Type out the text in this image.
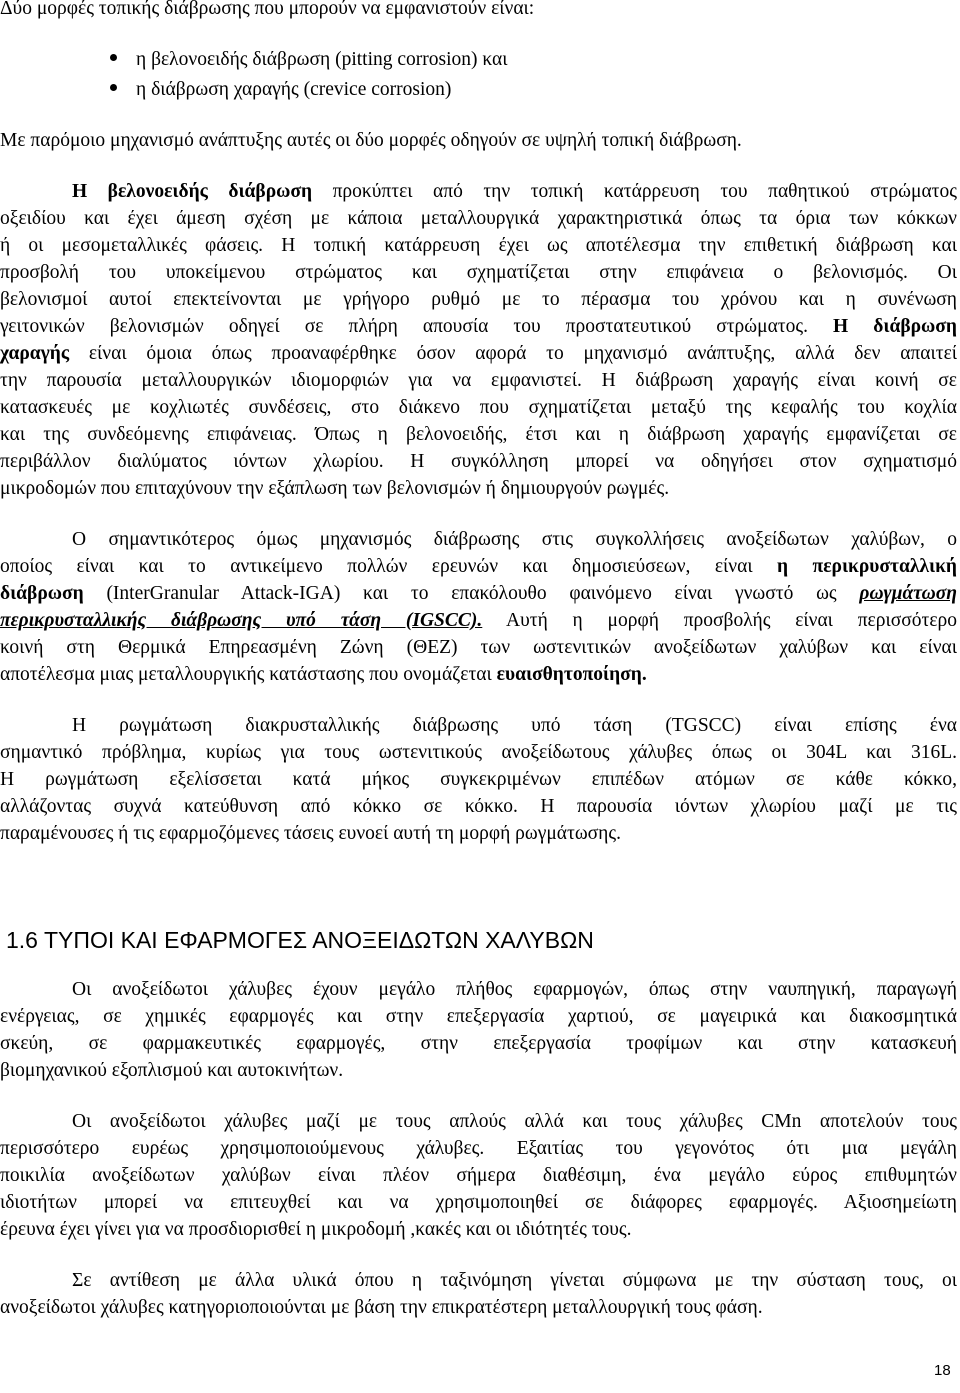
Δύο μορφές τοπικής διάβρωσης που μπορούν να εμφανιστούν είναι:
η βελονοειδής διάβρωση (pitting corrosion) και
η διάβρωση χαραγής (crevice corrosion)
Με παρόμοιο μηχανισμό ανάπτυξης αυτές οι δύο μορφές οδηγούν σε υψηλή τοπική διάβρωση.
Η βελονοειδής διάβρωση προκύπτει από την τοπική κατάρρευση του παθητικού στρώματος
οξειδίου και έχει άμεση σχέση με κάποια μεταλλουργικά χαρακτηριστικά όπως τα όρια των κόκκων
ή οι μεσομεταλλικές φάσεις. Η τοπική κατάρρευση έχει ως αποτέλεσμα την επιθετική διάβρωση και
προσβολή του υποκείμενου στρώματος και σχηματίζεται στην επιφάνεια ο βελονισμός. Οι
βελονισμοί αυτοί επεκτείνονται με γρήγορο ρυθμό με το πέρασμα του χρόνου και η συνένωση
γειτονικών βελονισμών οδηγεί σε πλήρη απουσία του προστατευτικού στρώματος. Η διάβρωση
χαραγής είναι όμοια όπως προαναφέρθηκε όσον αφορά το μηχανισμό ανάπτυξης, αλλά δεν απαιτεί
την παρουσία μεταλλουργικών ιδιομορφιών για να εμφανιστεί. Η διάβρωση χαραγής είναι κοινή σε
κατασκευές με κοχλιωτές συνδέσεις, στο διάκενο που σχηματίζεται μεταξύ της κεφαλής του κοχλία
και της συνδεόμενης επιφάνειας. Όπως η βελονοειδής, έτσι και η διάβρωση χαραγής εμφανίζεται σε
περιβάλλον διαλύματος ιόντων χλωρίου. Η συγκόλληση μπορεί να οδηγήσει στον σχηματισμό
μικροδομών που επιταχύνουν την εξάπλωση των βελονισμών ή δημιουργούν ρωγμές.
Ο σημαντικότερος όμως μηχανισμός διάβρωσης στις συγκολλήσεις ανοξείδωτων χαλύβων, ο
οποίος είναι και το αντικείμενο πολλών ερευνών και δημοσιεύσεων, είναι η περικρυσταλλική
διάβρωση (InterGranular Attack-IGA) και το επακόλουθο φαινόμενο είναι γνωστό ως ρωγμάτωση
περικρυσταλλικής διάβρωσης υπό τάση (IGSCC). Αυτή η μορφή προσβολής είναι περισσότερο
κοινή στη Θερμικά Επηρεασμένη Ζώνη (ΘΕΖ) των ωστενιτικών ανοξείδωτων χαλύβων και είναι
αποτέλεσμα μιας μεταλλουργικής κατάστασης που ονομάζεται ευαισθητοποίηση.
Η ρωγμάτωση διακρυσταλλικής διάβρωσης υπό τάση (TGSCC) είναι επίσης ένα
σημαντικό πρόβλημα, κυρίως για τους ωστενιτικούς ανοξείδωτους χάλυβες όπως οι 304L και 316L.
Η ρωγμάτωση εξελίσσεται κατά μήκος συγκεκριμένων επιπέδων ατόμων σε κάθε κόκκο,
αλλάζοντας συχνά κατεύθυνση από κόκκο σε κόκκο. Η παρουσία ιόντων χλωρίου μαζί με τις
παραμένουσες ή τις εφαρμοζόμενες τάσεις ευνοεί αυτή τη μορφή ρωγμάτωσης.
1.6 ΤΥΠΟΙ ΚΑΙ ΕΦΑΡΜΟΓΕΣ ΑΝΟΞΕΙΔΩΤΩΝ ΧΑΛΥΒΩΝ
Οι ανοξείδωτοι χάλυβες έχουν μεγάλο πλήθος εφαρμογών, όπως στην ναυπηγική, παραγωγή
ενέργειας, σε χημικές εφαρμογές και στην επεξεργασία χαρτιού, σε μαγειρικά και διακοσμητικά
σκεύη, σε φαρμακευτικές εφαρμογές, στην επεξεργασία τροφίμων και στην κατασκευή
βιομηχανικού εξοπλισμού και αυτοκινήτων.
Οι ανοξείδωτοι χάλυβες μαζί με τους απλούς αλλά και τους χάλυβες CMn αποτελούν τους
περισσότερο ευρέως χρησιμοποιούμενους χάλυβες. Εξαιτίας του γεγονότος ότι μια μεγάλη
ποικιλία ανοξείδωτων χαλύβων είναι πλέον σήμερα διαθέσιμη, ένα μεγάλο εύρος επιθυμητών
ιδιοτήτων μπορεί να επιτευχθεί και να χρησιμοποιηθεί σε διάφορες εφαρμογές. Αξιοσημείωτη
έρευνα έχει γίνει για να προσδιορισθεί η μικροδομή ,κακές και οι ιδιότητές τους.
Σε αντίθεση με άλλα υλικά όπου η ταξινόμηση γίνεται σύμφωνα με την σύσταση τους, οι
ανοξείδωτοι χάλυβες κατηγοριοποιούνται με βάση την επικρατέστερη μεταλλουργική τους φάση.
18
